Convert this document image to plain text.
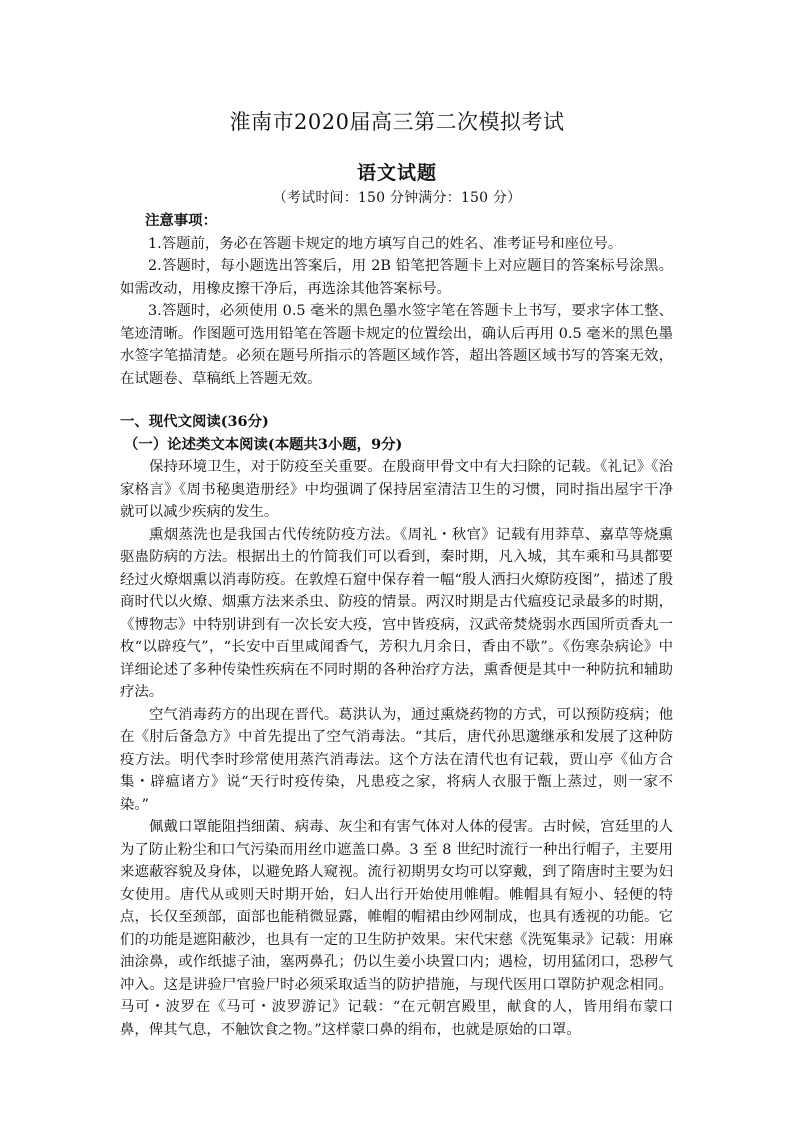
淮南市2020届高三第二次模拟考试
语文试题
（考试时间：150 分钟满分：150 分）

注意事项：

1.答题前，务必在答题卡规定的地方填写自己的姓名、准考证号和座位号。

2.答题时，每小题选出答案后，用 2B 铅笔把答题卡上对应题目的答案标号涂黑。如需改动，用橡皮擦干净后，再选涂其他答案标号。

3.答题时，必须使用 0.5 毫米的黑色墨水签字笔在答题卡上书写，要求字体工整、笔迹清晰。作图题可选用铅笔在答题卡规定的位置绘出，确认后再用 0.5 毫米的黑色墨水签字笔描清楚。必须在题号所指示的答题区域作答，超出答题区域书写的答案无效，在试题卷、草稿纸上答题无效。

一、现代文阅读(36分)

（一）论述类文本阅读(本题共3小题，9分)

保持环境卫生，对于防疫至关重要。在殷商甲骨文中有大扫除的记载。《礼记》《治家格言》《周书秘奥造册经》中均强调了保持居室清洁卫生的习惯，同时指出屋宇干净就可以减少疾病的发生。

熏烟蒸洗也是我国古代传统防疫方法。《周礼・秋官》记载有用莽草、嘉草等烧熏驱蛊防病的方法。根据出土的竹简我们可以看到，秦时期，凡入城，其车乘和马具都要经过火燎烟熏以消毒防疫。在敦煌石窟中保存着一幅“殷人洒扫火燎防疫图”，描述了殷商时代以火燎、烟熏方法来杀虫、防疫的情景。两汉时期是古代瘟疫记录最多的时期，《博物志》中特别讲到有一次长安大疫，宫中皆疫病，汉武帝焚烧弱水西国所贡香丸一枚“以辟疫气”，“长安中百里咸闻香气，芳积九月余日，香由不歇”。《伤寒杂病论》中详细论述了多种传染性疾病在不同时期的各种治疗方法，熏香便是其中一种防抗和辅助疗法。

空气消毒药方的出现在晋代。葛洪认为，通过熏烧药物的方式，可以预防疫病；他在《肘后备急方》中首先提出了空气消毒法。“其后，唐代孙思邈继承和发展了这种防疫方法。明代李时珍常使用蒸汽消毒法。这个方法在清代也有记载，贾山亭《仙方合集・辟瘟诸方》说“天行时疫传染，凡患疫之家，将病人衣服于甑上蒸过，则一家不染。”

佩戴口罩能阻挡细菌、病毒、灰尘和有害气体对人体的侵害。古时候，宫廷里的人为了防止粉尘和口气污染而用丝巾遮盖口鼻。3 至 8 世纪时流行一种出行帽子，主要用来遮蔽容貌及身体，以避免路人窥视。流行初期男女均可以穿戴，到了隋唐时主要为妇女使用。唐代从或则天时期开始，妇人出行开始使用帷帽。帷帽具有短小、轻便的特点，长仅至颈部，面部也能稍微显露，帷帽的帽裙由纱网制成，也具有透视的功能。它们的功能是遮阳蔽沙，也具有一定的卫生防护效果。宋代宋慈《洗冤集录》记载：用麻油涂鼻，或作纸摅子油，塞两鼻孔；仍以生姜小块置口内；遇检，切用猛闭口，恐秽气冲入。这是讲验尸官验尸时必须采取适当的防护措施，与现代医用口罩防护观念相同。马可・波罗在《马可・波罗游记》记载：“在元朝宫殿里，献食的人，皆用绢布蒙口鼻，俾其气息，不触饮食之物。”这样蒙口鼻的绢布，也就是原始的口罩。
